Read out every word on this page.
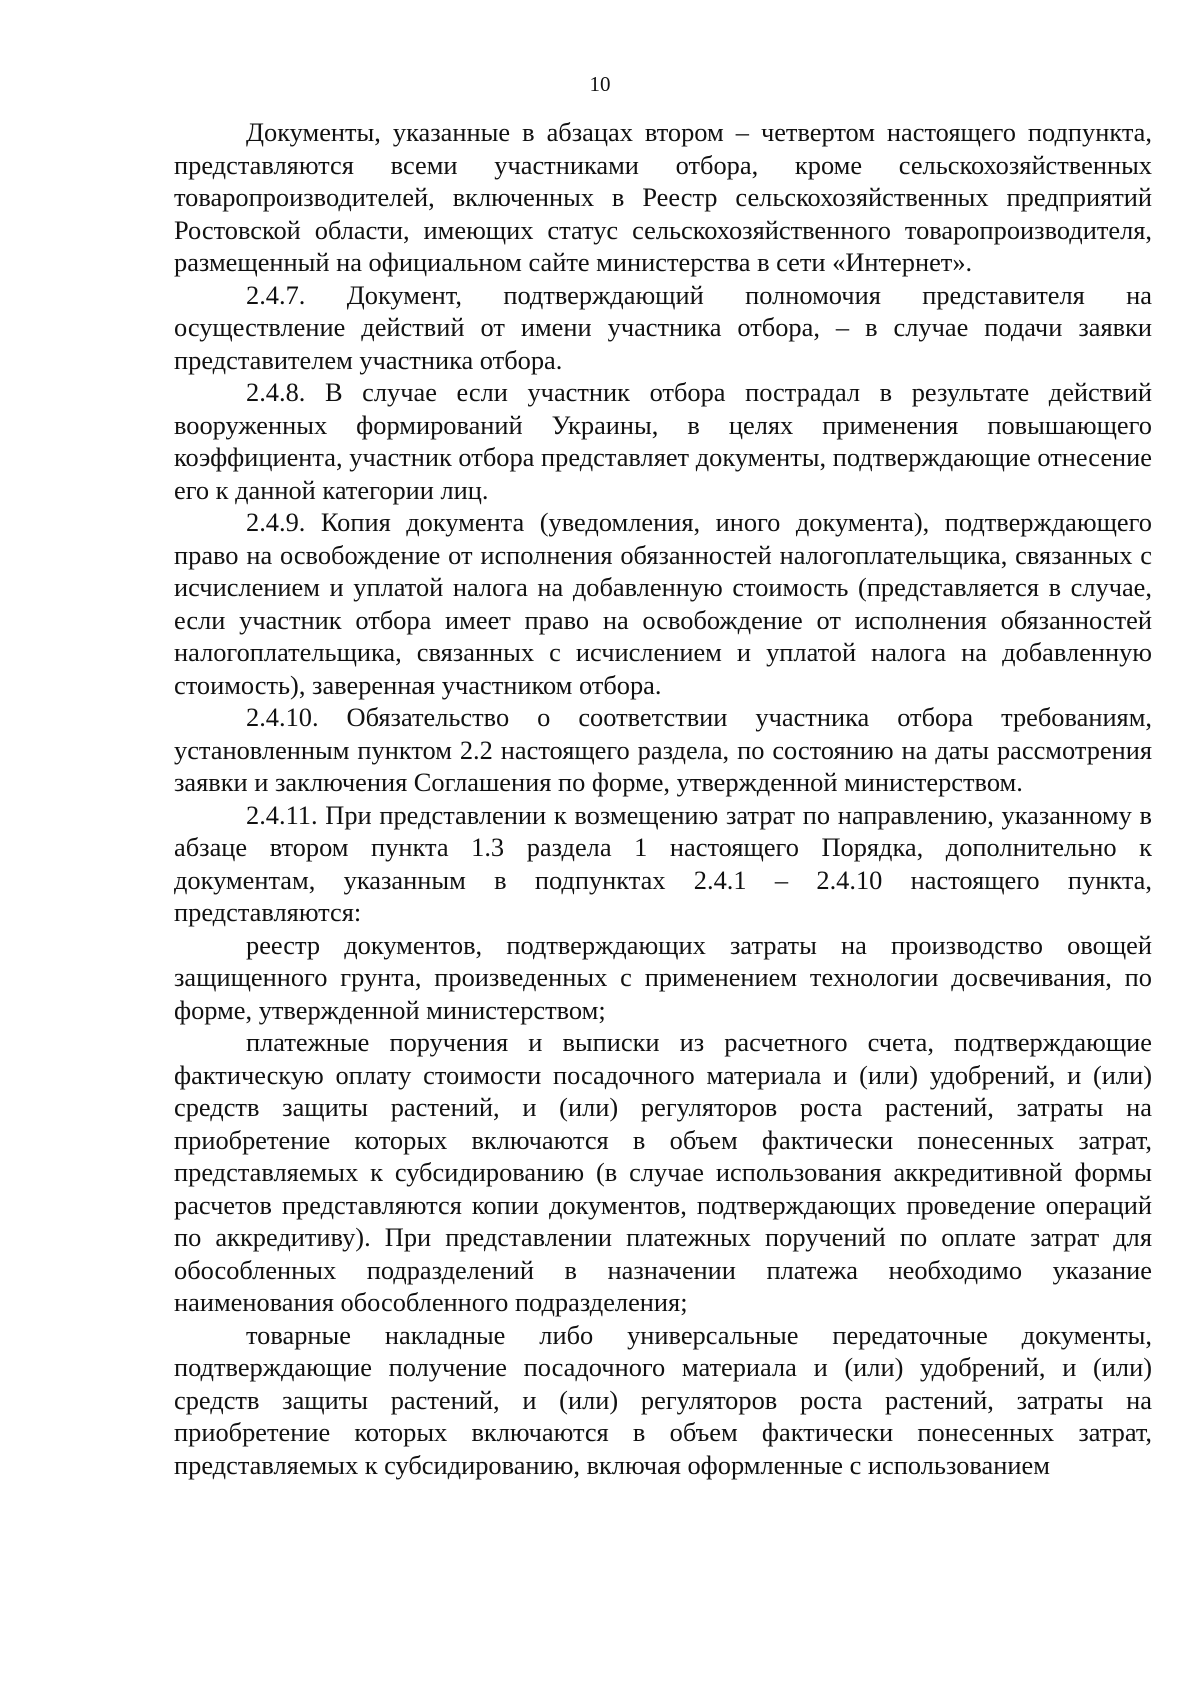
10

Документы, указанные в абзацах втором – четвертом настоящего подпункта, представляются всеми участниками отбора, кроме сельскохозяйственных товаропроизводителей, включенных в Реестр сельскохозяйственных предприятий Ростовской области, имеющих статус сельскохозяйственного товаропроизводителя, размещенный на официальном сайте министерства в сети «Интернет».

2.4.7. Документ, подтверждающий полномочия представителя на осуществление действий от имени участника отбора, – в случае подачи заявки представителем участника отбора.

2.4.8. В случае если участник отбора пострадал в результате действий вооруженных формирований Украины, в целях применения повышающего коэффициента, участник отбора представляет документы, подтверждающие отнесение его к данной категории лиц.

2.4.9. Копия документа (уведомления, иного документа), подтверждающего право на освобождение от исполнения обязанностей налогоплательщика, связанных с исчислением и уплатой налога на добавленную стоимость (представляется в случае, если участник отбора имеет право на освобождение от исполнения обязанностей налогоплательщика, связанных с исчислением и уплатой налога на добавленную стоимость), заверенная участником отбора.

2.4.10. Обязательство о соответствии участника отбора требованиям, установленным пунктом 2.2 настоящего раздела, по состоянию на даты рассмотрения заявки и заключения Соглашения по форме, утвержденной министерством.

2.4.11. При представлении к возмещению затрат по направлению, указанному в абзаце втором пункта 1.3 раздела 1 настоящего Порядка, дополнительно к документам, указанным в подпунктах 2.4.1 – 2.4.10 настоящего пункта, представляются:

реестр документов, подтверждающих затраты на производство овощей защищенного грунта, произведенных с применением технологии досвечивания, по форме, утвержденной министерством;

платежные поручения и выписки из расчетного счета, подтверждающие фактическую оплату стоимости посадочного материала и (или) удобрений, и (или) средств защиты растений, и (или) регуляторов роста растений, затраты на приобретение которых включаются в объем фактически понесенных затрат, представляемых к субсидированию (в случае использования аккредитивной формы расчетов представляются копии документов, подтверждающих проведение операций по аккредитиву). При представлении платежных поручений по оплате затрат для обособленных подразделений в назначении платежа необходимо указание наименования обособленного подразделения;

товарные накладные либо универсальные передаточные документы, подтверждающие получение посадочного материала и (или) удобрений, и (или) средств защиты растений, и (или) регуляторов роста растений, затраты на приобретение которых включаются в объем фактически понесенных затрат, представляемых к субсидированию, включая оформленные с использованием
